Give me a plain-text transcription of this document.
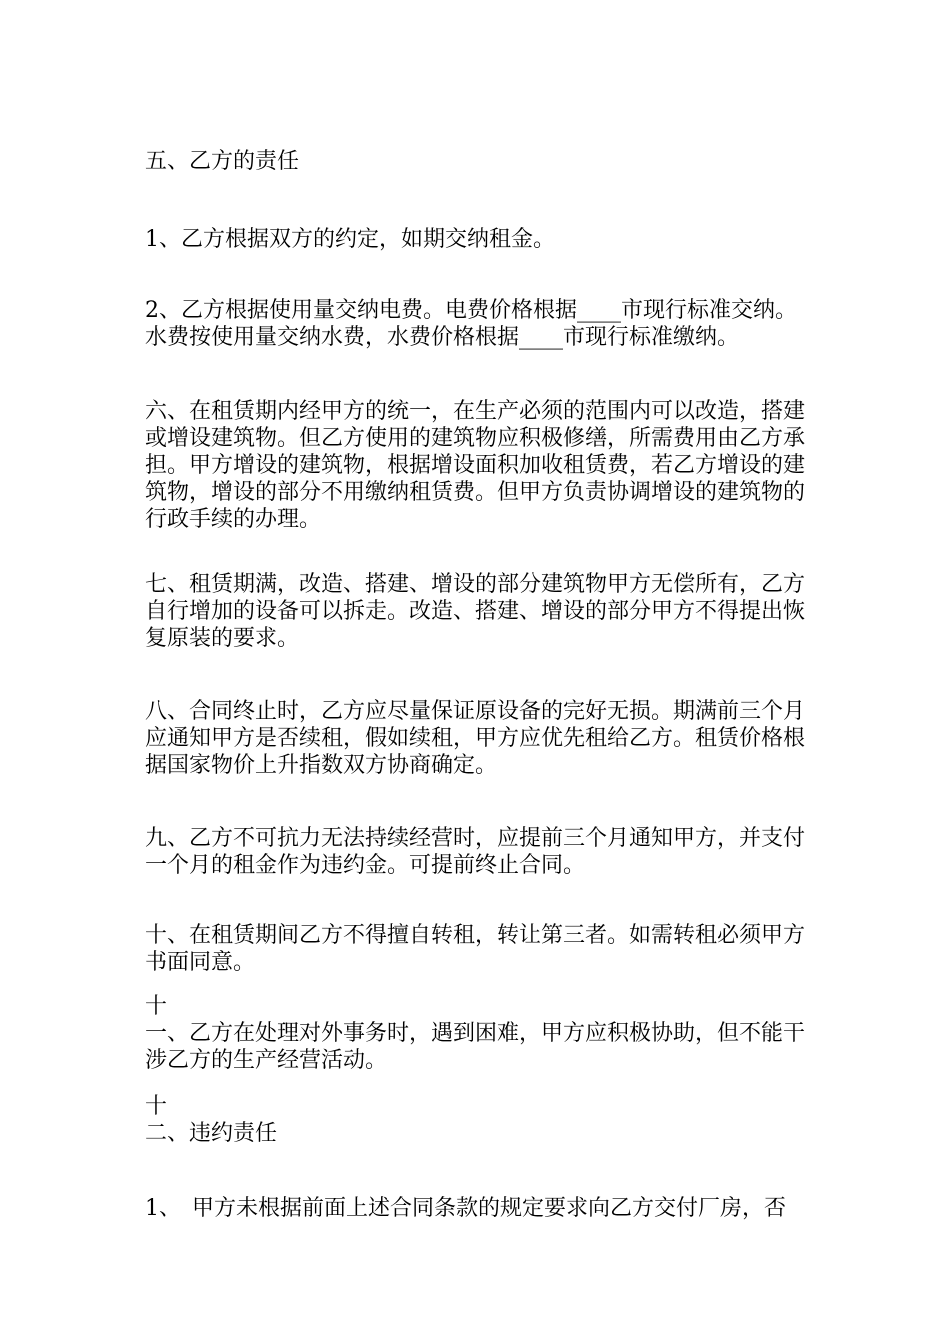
五、乙方的责任

1、乙方根据双方的约定，如期交纳租金。

2、乙方根据使用量交纳电费。电费价格根据____市现行标准交纳。水费按使用量交纳水费，水费价格根据____市现行标准缴纳。

六、在租赁期内经甲方的统一，在生产必须的范围内可以改造，搭建或增设建筑物。但乙方使用的建筑物应积极修缮，所需费用由乙方承担。甲方增设的建筑物，根据增设面积加收租赁费，若乙方增设的建筑物，增设的部分不用缴纳租赁费。但甲方负责协调增设的建筑物的行政手续的办理。

七、租赁期满，改造、搭建、增设的部分建筑物甲方无偿所有，乙方自行增加的设备可以拆走。改造、搭建、增设的部分甲方不得提出恢复原装的要求。

八、合同终止时，乙方应尽量保证原设备的完好无损。期满前三个月应通知甲方是否续租，假如续租，甲方应优先租给乙方。租赁价格根据国家物价上升指数双方协商确定。

九、乙方不可抗力无法持续经营时，应提前三个月通知甲方，并支付一个月的租金作为违约金。可提前终止合同。

十、在租赁期间乙方不得擅自转租，转让第三者。如需转租必须甲方书面同意。

十
一、乙方在处理对外事务时，遇到困难，甲方应积极协助，但不能干涉乙方的生产经营活动。

十
二、违约责任

1、　甲方未根据前面上述合同条款的规定要求向乙方交付厂房，否
